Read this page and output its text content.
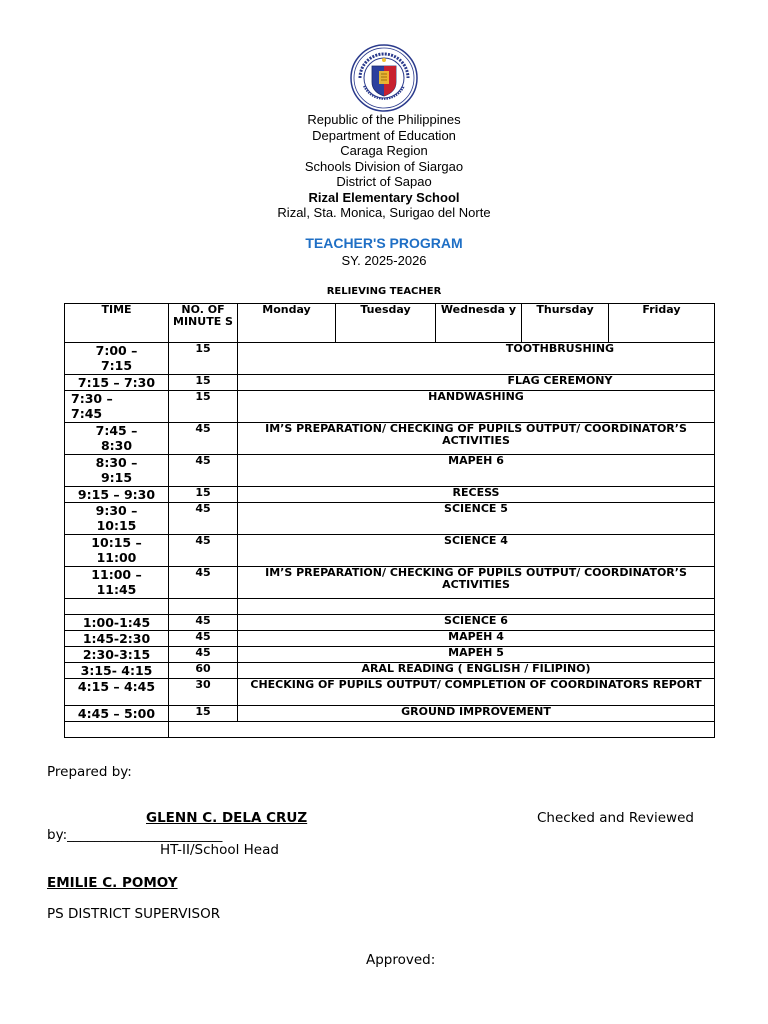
Republic of the Philippines
Department of Education
Caraga Region
Schools Division of Siargao
District of Sapao
Rizal Elementary School
Rizal, Sta. Monica, Surigao del Norte
TEACHER'S PROGRAM
SY. 2025-2026
RELIEVING TEACHER
TIME	NO. OF MINUTE S	Monday	Tuesday	Wednesda y	Thursday	Friday
7:00 – 7:15	15	TOOTHBRUSHING				
7:15 – 7:30	15	FLAG CEREMONY				
7:30 – 7:45	15	HANDWASHING				
7:45 – 8:30	45	IM’S PREPARATION/ CHECKING OF PUPILS OUTPUT/ COORDINATOR’S ACTIVITIES				
8:30 – 9:15	45	MAPEH 6				
9:15 – 9:30	15	RECESS				
9:30 – 10:15	45	SCIENCE 5				
10:15 – 11:00	45	SCIENCE 4				
11:00 – 11:45	45	IM’S PREPARATION/ CHECKING OF PUPILS OUTPUT/ COORDINATOR’S ACTIVITIES				

1:00-1:45	45	SCIENCE 6				
1:45-2:30	45	MAPEH 4				
2:30-3:15	45	MAPEH 5				
3:15- 4:15	60	ARAL READING ( ENGLISH / FILIPINO)				
4:15 – 4:45	30	CHECKING OF PUPILS OUTPUT/ COMPLETION OF COORDINATORS REPORT				
4:45 – 5:00	15	GROUND IMPROVEMENT				

Prepared by:
GLENN C. DELA CRUZ	Checked and Reviewed
by:_______________________
HT-II/School Head
EMILIE C. POMOY
PS DISTRICT SUPERVISOR
Approved:
